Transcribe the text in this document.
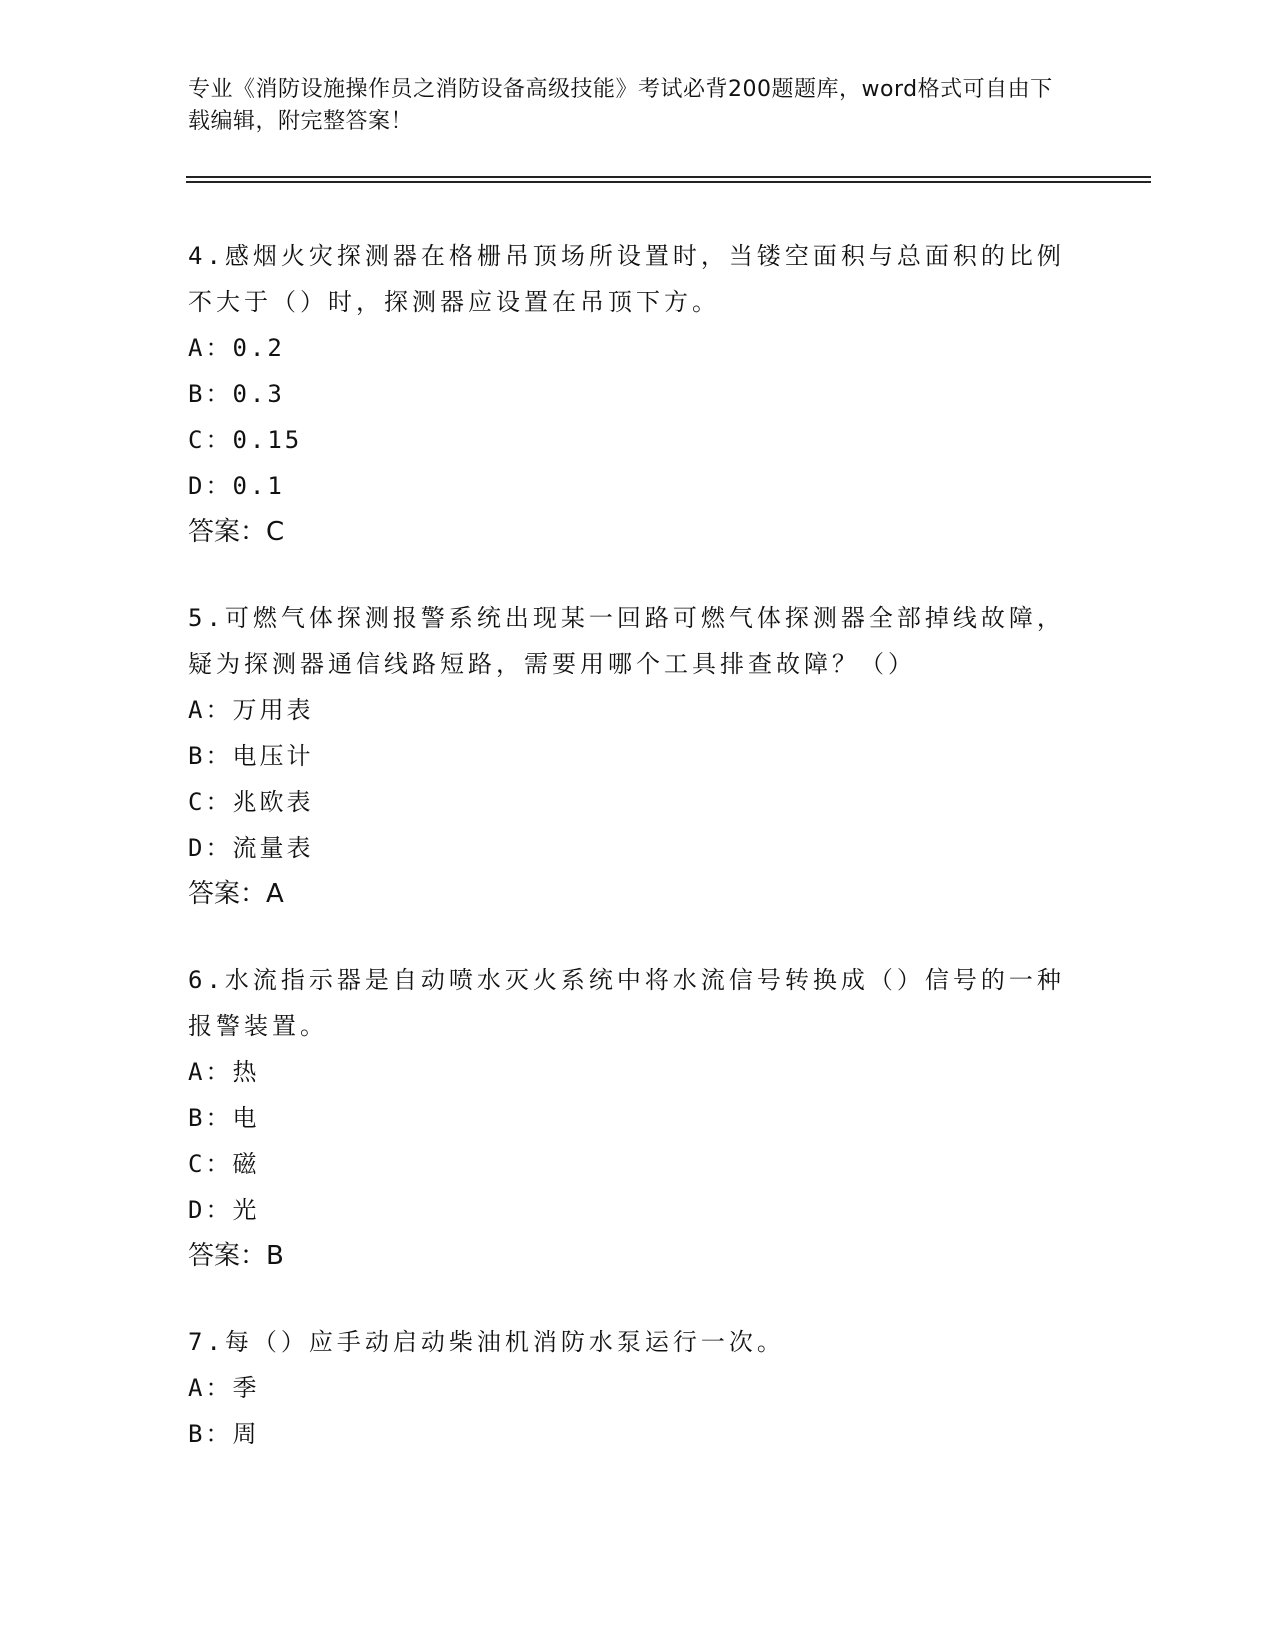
专业《消防设施操作员之消防设备高级技能》考试必背200题题库，word格式可自由下载编辑，附完整答案！

4.感烟火灾探测器在格栅吊顶场所设置时，当镂空面积与总面积的比例不大于（）时，探测器应设置在吊顶下方。

A：0.2

B：0.3

C：0.15

D：0.1

答案：C

5.可燃气体探测报警系统出现某一回路可燃气体探测器全部掉线故障，疑为探测器通信线路短路，需要用哪个工具排查故障？（）

A：万用表

B：电压计

C：兆欧表

D：流量表

答案：A

6.水流指示器是自动喷水灭火系统中将水流信号转换成（）信号的一种报警装置。

A：热

B：电

C：磁

D：光

答案：B

7.每（）应手动启动柴油机消防水泵运行一次。

A：季

B：周
